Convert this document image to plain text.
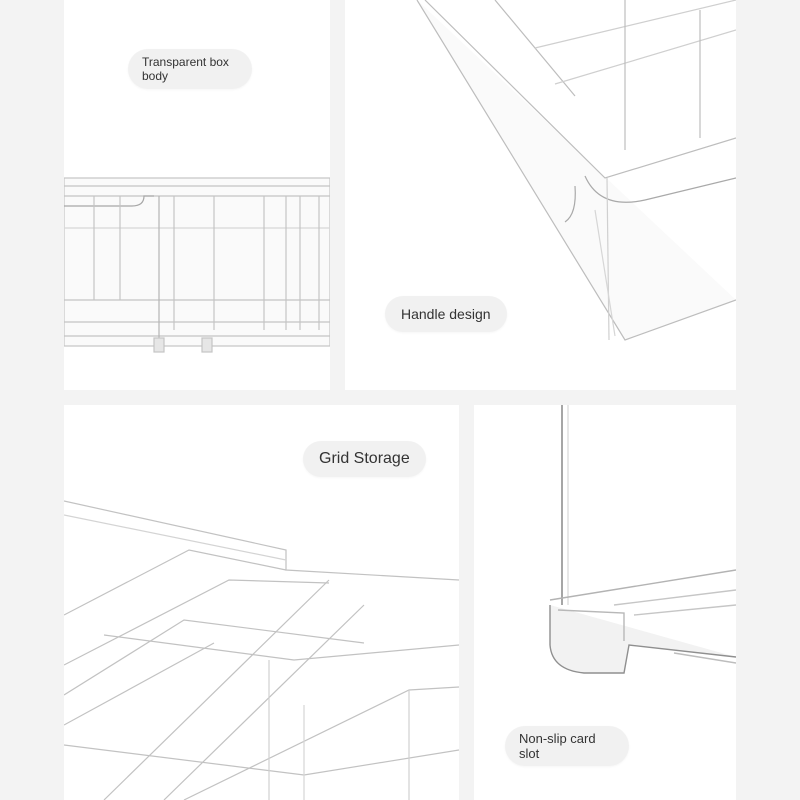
Transparent box body
Handle design
Grid Storage
Non-slip card slot
